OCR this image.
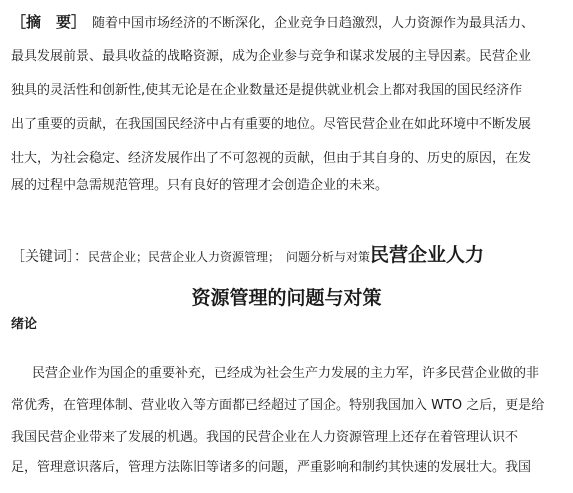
［摘　要］ 随着中国市场经济的不断深化，企业竞争日趋激烈，人力资源作为最具活力、
最具发展前景、最具收益的战略资源，成为企业参与竞争和谋求发展的主导因素。民营企业
独具的灵活性和创新性,使其无论是在企业数量还是提供就业机会上都对我国的国民经济作
出了重要的贡献，在我国国民经济中占有重要的地位。尽管民营企业在如此环境中不断发展
壮大，为社会稳定、经济发展作出了不可忽视的贡献，但由于其自身的、历史的原因，在发
展的过程中急需规范管理。只有良好的管理才会创造企业的未来。
［关键词］：民营企业；民营企业人力资源管理；　问题分析与对策民营企业人力
资源管理的问题与对策
绪论
民营企业作为国企的重要补充，已经成为社会生产力发展的主力军，许多民营企业做的非
常优秀，在管理体制、营业收入等方面都已经超过了国企。特别我国加入 WTO 之后，更是给
我国民营企业带来了发展的机遇。我国的民营企业在人力资源管理上还存在着管理认识不
足，管理意识落后，管理方法陈旧等诸多的问题，严重影响和制约其快速的发展壮大。我国
